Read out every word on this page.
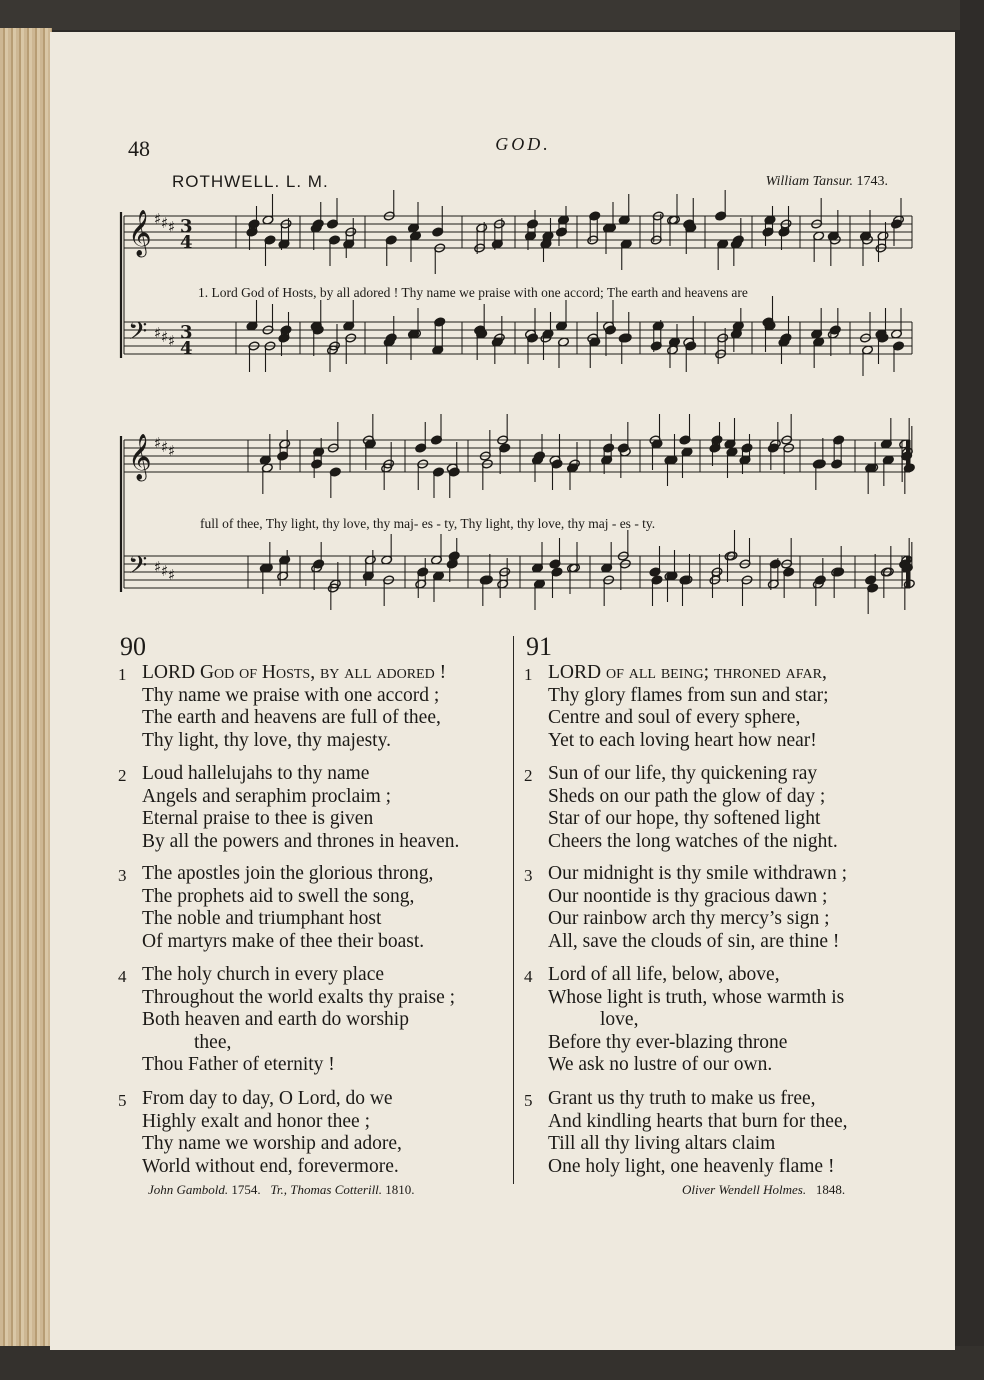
48	GOD.
ROTHWELL. L. M.	William Tansur. 1743.
𝄞 ♯ ♯ ♯ 3
4
𝄢 ♯ ♯ ♯ 3
4
𝄞 ♯ ♯ ♯
𝄢 ♯ ♯ ♯
1. Lord God of Hosts, by all adored ! Thy name we praise with one accord; The earth and heavens are
full of thee, Thy light, thy love, thy maj- es - ty, Thy light, thy love, thy maj - es - ty.
90	91
1 LORD God of Hosts, by all adored !
Thy name we praise with one accord ;
The earth and heavens are full of thee,
Thy light, thy love, thy majesty.
2 Loud hallelujahs to thy name
Angels and seraphim proclaim ;
Eternal praise to thee is given
By all the powers and thrones in heaven.
3 The apostles join the glorious throng,
The prophets aid to swell the song,
The noble and triumphant host
Of martyrs make of thee their boast.
4 The holy church in every place
Throughout the world exalts thy praise ;
Both heaven and earth do worship
thee,
Thou Father of eternity !
5 From day to day, O Lord, do we
Highly exalt and honor thee ;
Thy name we worship and adore,
World without end, forevermore.
John Gambold. 1754. Tr., Thomas Cotterill. 1810.
1 LORD of all being; throned afar,
Thy glory flames from sun and star;
Centre and soul of every sphere,
Yet to each loving heart how near!
2 Sun of our life, thy quickening ray
Sheds on our path the glow of day ;
Star of our hope, thy softened light
Cheers the long watches of the night.
3 Our midnight is thy smile withdrawn ;
Our noontide is thy gracious dawn ;
Our rainbow arch thy mercy’s sign ;
All, save the clouds of sin, are thine !
4 Lord of all life, below, above,
Whose light is truth, whose warmth is
love,
Before thy ever-blazing throne
We ask no lustre of our own.
5 Grant us thy truth to make us free,
And kindling hearts that burn for thee,
Till all thy living altars claim
One holy light, one heavenly flame !
Oliver Wendell Holmes. 1848.
